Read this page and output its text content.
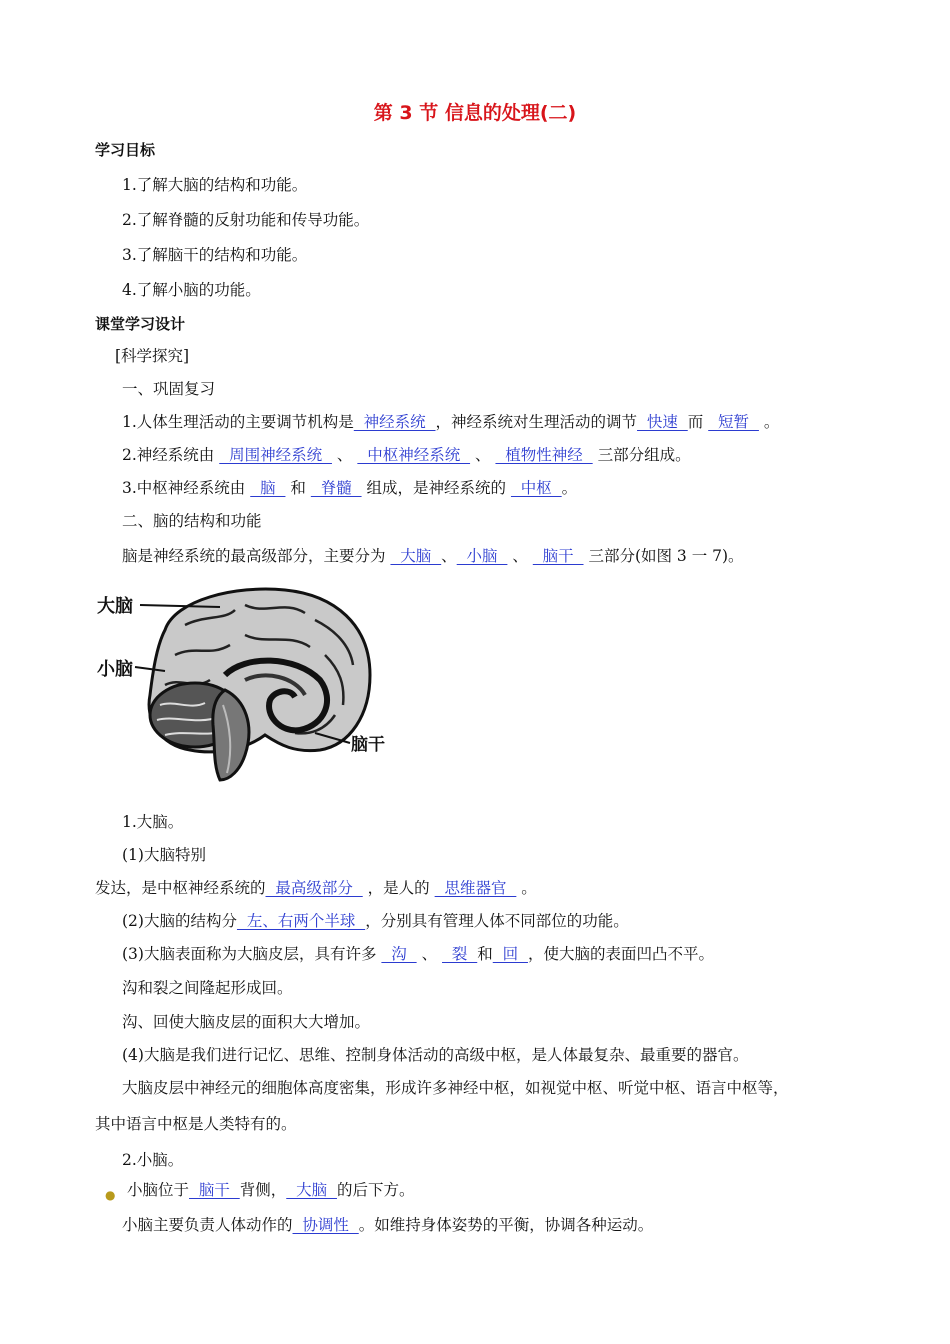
第 3 节 信息的处理(二)
学习目标
1.了解大脑的结构和功能。
2.了解脊髓的反射功能和传导功能。
3.了解脑干的结构和功能。
4.了解小脑的功能。
课堂学习设计
[科学探究]
一、巩固复习
1.人体生理活动的主要调节机构是  神经系统  ，神经系统对生理活动的调节  快速  而   短暂   。
2.神经系统由   周围神经系统   、   中枢神经系统   、   植物性神经   三部分组成。
3.中枢神经系统由   脑   和   脊髓   组成，是神经系统的   中枢  。
二、脑的结构和功能
脑是神经系统的最高级部分，主要分为   大脑  、  小脑   、   脑干   三部分(如图 3 一 7)。
大脑
小脑
脑干
1.大脑。
(1)大脑特别
发达，是中枢神经系统的  最高级部分   ，是人的   思维器官   。
(2)大脑的结构分  左、右两个半球  ，分别具有管理人体不同部位的功能。
(3)大脑表面称为大脑皮层，具有许多   沟   、   裂  和  回  ，使大脑的表面凹凸不平。
沟和裂之间隆起形成回。
沟、回使大脑皮层的面积大大增加。
(4)大脑是我们进行记忆、思维、控制身体活动的高级中枢，是人体最复杂、最重要的器官。
大脑皮层中神经元的细胞体高度密集，形成许多神经中枢，如视觉中枢、听觉中枢、语言中枢等，
其中语言中枢是人类特有的。
2.小脑。
● 小脑位于  脑干  背侧，  大脑  的后下方。
小脑主要负责人体动作的  协调性  。如维持身体姿势的平衡，协调各种运动。
